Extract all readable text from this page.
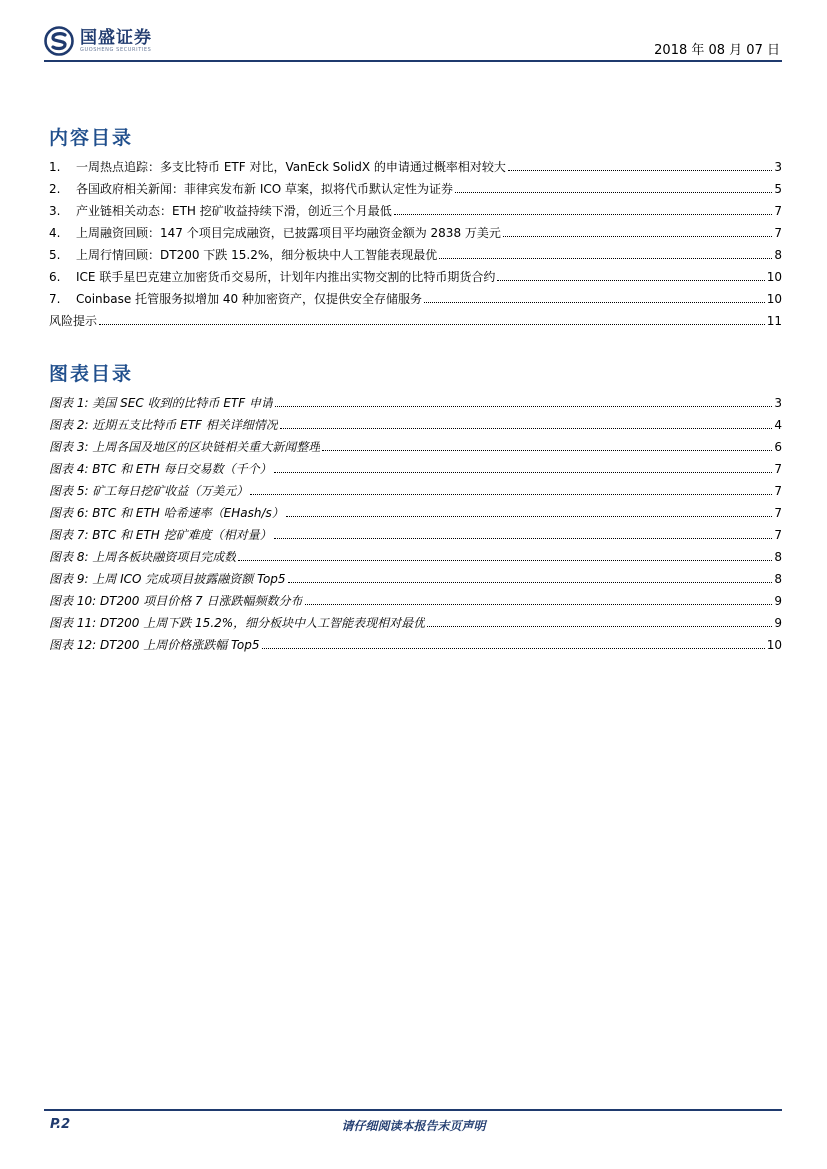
国盛证券
GUOSHENG SECURITIES	2018 年 08 月 07 日
内容目录
1.	一周热点追踪：多支比特币 ETF 对比，VanEck SolidX 的申请通过概率相对较大	3
2.	各国政府相关新闻：菲律宾发布新 ICO 草案，拟将代币默认定性为证券	5
3.	产业链相关动态：ETH 挖矿收益持续下滑，创近三个月最低	7
4.	上周融资回顾：147 个项目完成融资，已披露项目平均融资金额为 2838 万美元	7
5.	上周行情回顾：DT200 下跌 15.2%，细分板块中人工智能表现最优	8
6.	ICE 联手星巴克建立加密货币交易所，计划年内推出实物交割的比特币期货合约	10
7.	Coinbase 托管服务拟增加 40 种加密资产，仅提供安全存储服务	10
风险提示	11
图表目录
图表 1: 美国 SEC 收到的比特币 ETF 申请	3
图表 2: 近期五支比特币 ETF 相关详细情况	4
图表 3: 上周各国及地区的区块链相关重大新闻整理	6
图表 4: BTC 和 ETH 每日交易数（千个）	7
图表 5: 矿工每日挖矿收益（万美元）	7
图表 6: BTC 和 ETH 哈希速率（EHash/s）	7
图表 7: BTC 和 ETH 挖矿难度（相对量）	7
图表 8: 上周各板块融资项目完成数	8
图表 9: 上周 ICO 完成项目披露融资额 Top5	8
图表 10: DT200 项目价格 7 日涨跌幅频数分布	9
图表 11: DT200 上周下跌 15.2%，细分板块中人工智能表现相对最优	9
图表 12: DT200 上周价格涨跌幅 Top5	10
P.2	请仔细阅读本报告末页声明
